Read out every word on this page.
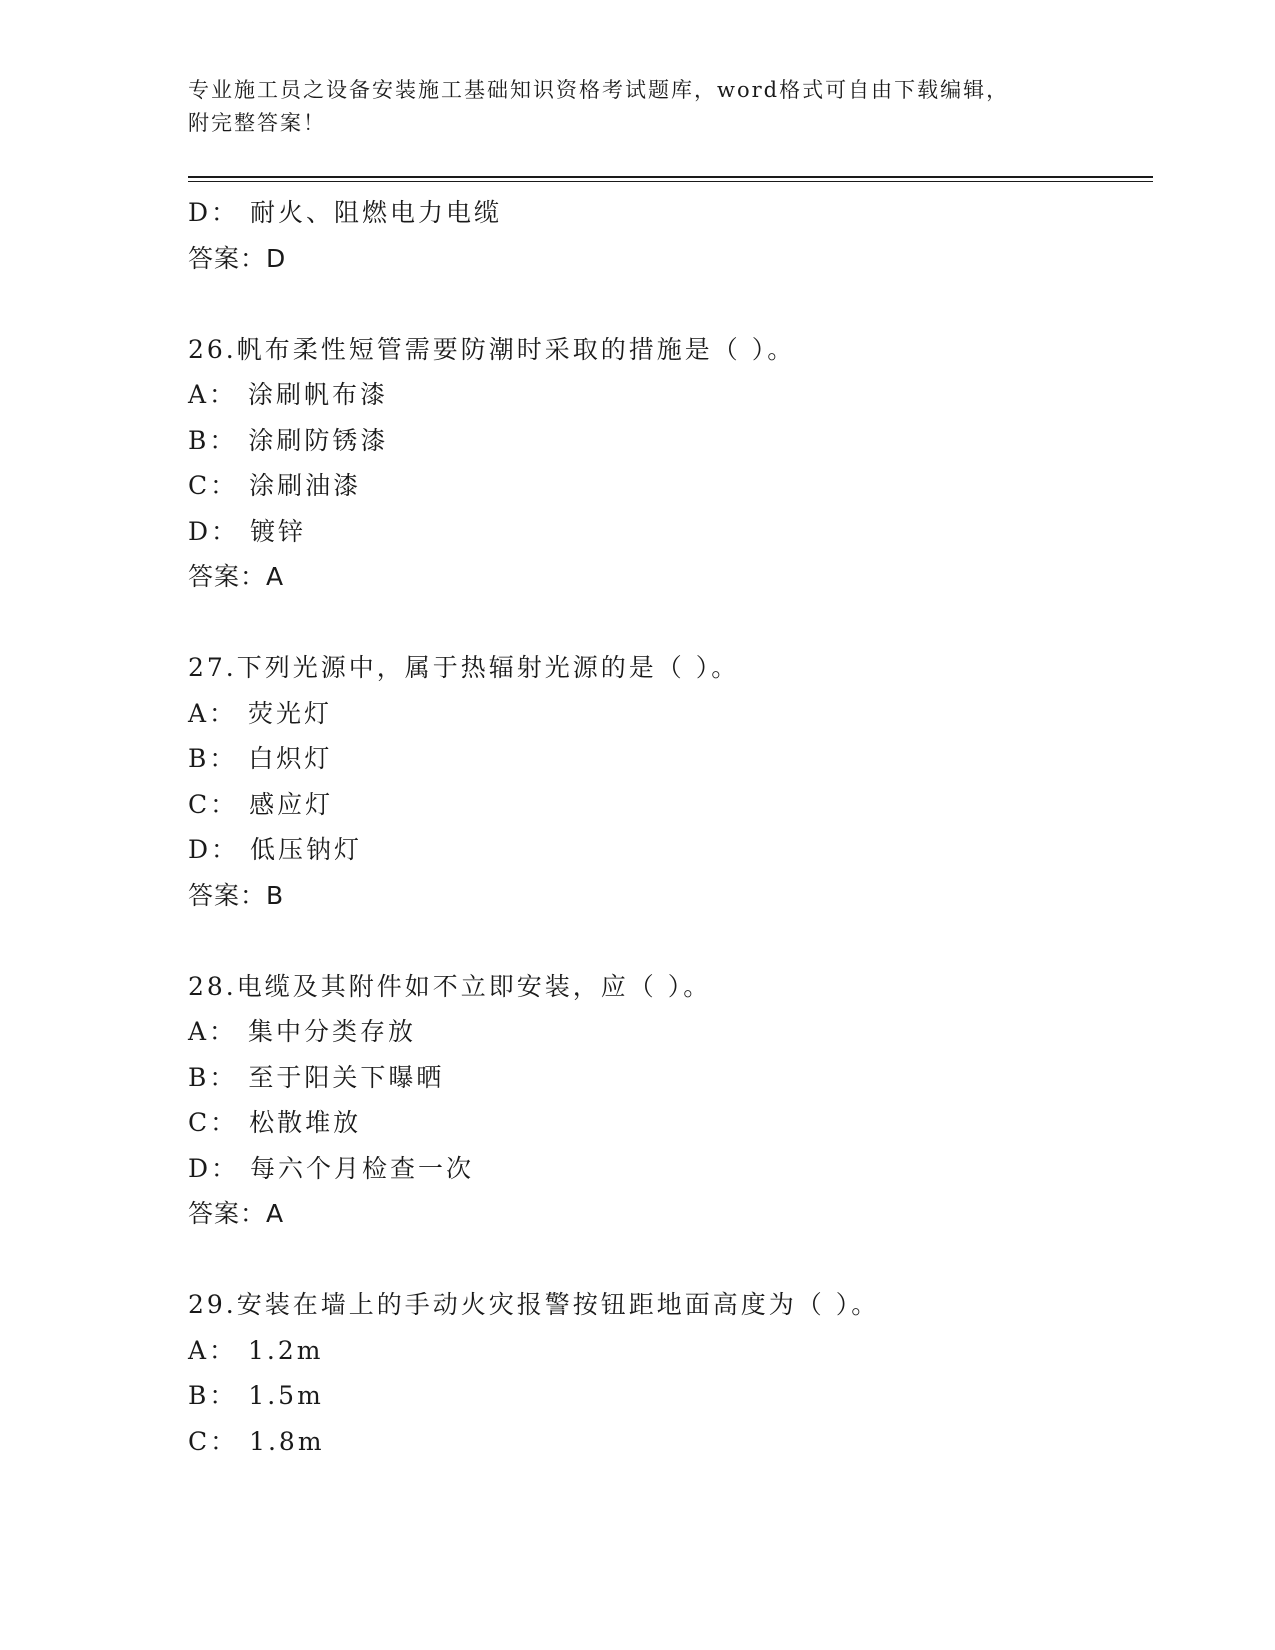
专业施工员之设备安装施工基础知识资格考试题库，word格式可自由下载编辑，
附完整答案！
D： 耐火、阻燃电力电缆
答案：D
26.帆布柔性短管需要防潮时采取的措施是（ ）。
A： 涂刷帆布漆
B： 涂刷防锈漆
C： 涂刷油漆
D： 镀锌
答案：A
27.下列光源中，属于热辐射光源的是（ ）。
A： 荧光灯
B： 白炽灯
C： 感应灯
D： 低压钠灯
答案：B
28.电缆及其附件如不立即安装，应（ ）。
A： 集中分类存放
B： 至于阳关下曝晒
C： 松散堆放
D： 每六个月检查一次
答案：A
29.安装在墙上的手动火灾报警按钮距地面高度为（ ）。
A： 1.2m
B： 1.5m
C： 1.8m
